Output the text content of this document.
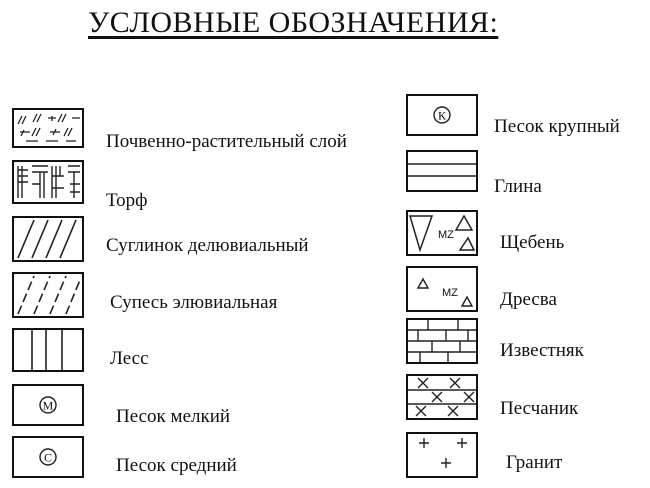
УСЛОВНЫЕ ОБОЗНАЧЕНИЯ:
Почвенно-растительный слой
Торф
Суглинок делювиальный
Супесь элювиальная
Лесс
М
Песок мелкий
С	Песок средний
К
Песок крупный
Глина
MZ Щебень
MZ Дресва
Известняк
Песчаник
Гранит
